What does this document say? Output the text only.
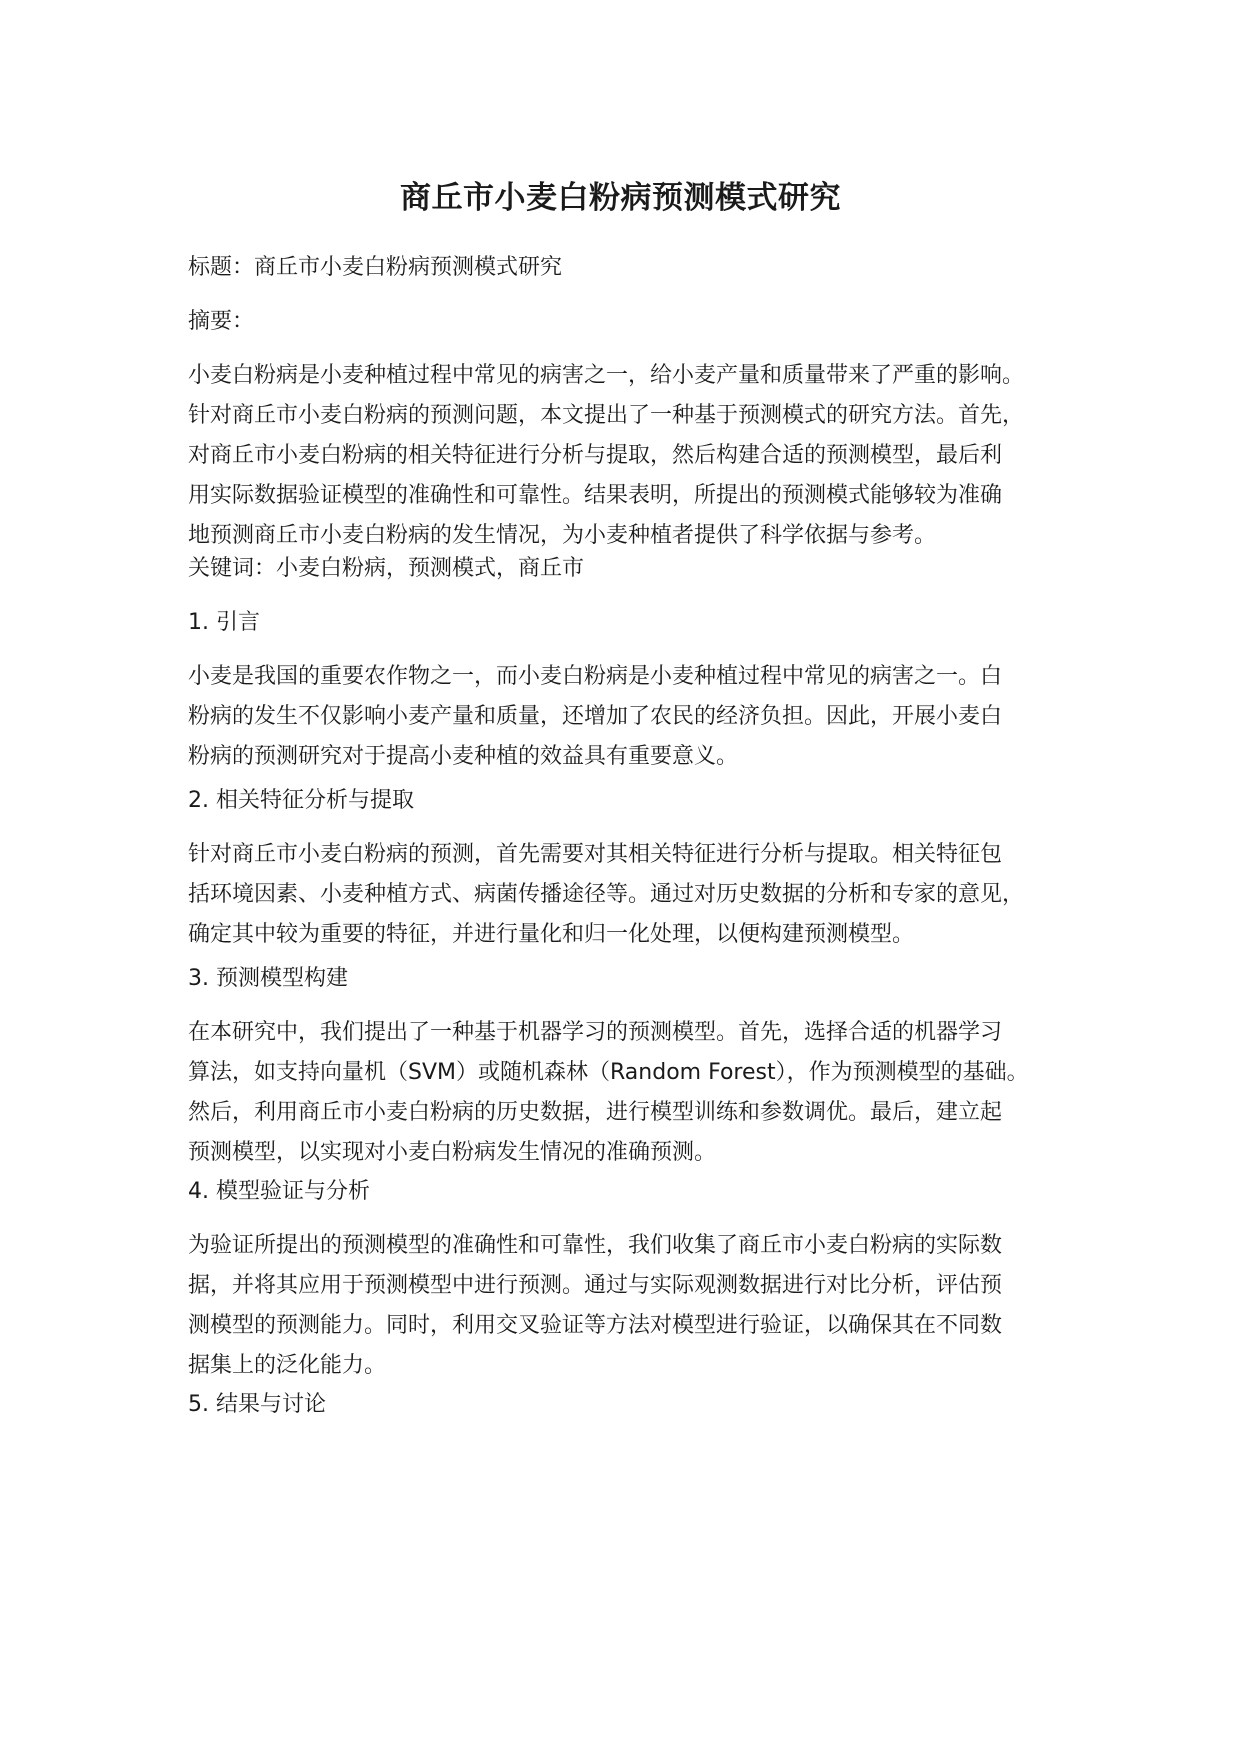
商丘市小麦白粉病预测模式研究

标题：商丘市小麦白粉病预测模式研究

摘要：

小麦白粉病是小麦种植过程中常见的病害之一，给小麦产量和质量带来了严重的影响。

针对商丘市小麦白粉病的预测问题，本文提出了一种基于预测模式的研究方法。首先，

对商丘市小麦白粉病的相关特征进行分析与提取，然后构建合适的预测模型，最后利

用实际数据验证模型的准确性和可靠性。结果表明，所提出的预测模式能够较为准确

地预测商丘市小麦白粉病的发生情况，为小麦种植者提供了科学依据与参考。

关键词：小麦白粉病，预测模式，商丘市

1. 引言

小麦是我国的重要农作物之一，而小麦白粉病是小麦种植过程中常见的病害之一。白

粉病的发生不仅影响小麦产量和质量，还增加了农民的经济负担。因此，开展小麦白

粉病的预测研究对于提高小麦种植的效益具有重要意义。

2. 相关特征分析与提取

针对商丘市小麦白粉病的预测，首先需要对其相关特征进行分析与提取。相关特征包

括环境因素、小麦种植方式、病菌传播途径等。通过对历史数据的分析和专家的意见，

确定其中较为重要的特征，并进行量化和归一化处理，以便构建预测模型。

3. 预测模型构建

在本研究中，我们提出了一种基于机器学习的预测模型。首先，选择合适的机器学习

算法，如支持向量机（SVM）或随机森林（Random Forest），作为预测模型的基础。

然后，利用商丘市小麦白粉病的历史数据，进行模型训练和参数调优。最后，建立起

预测模型，以实现对小麦白粉病发生情况的准确预测。

4. 模型验证与分析

为验证所提出的预测模型的准确性和可靠性，我们收集了商丘市小麦白粉病的实际数

据，并将其应用于预测模型中进行预测。通过与实际观测数据进行对比分析，评估预

测模型的预测能力。同时，利用交叉验证等方法对模型进行验证，以确保其在不同数

据集上的泛化能力。

5. 结果与讨论
